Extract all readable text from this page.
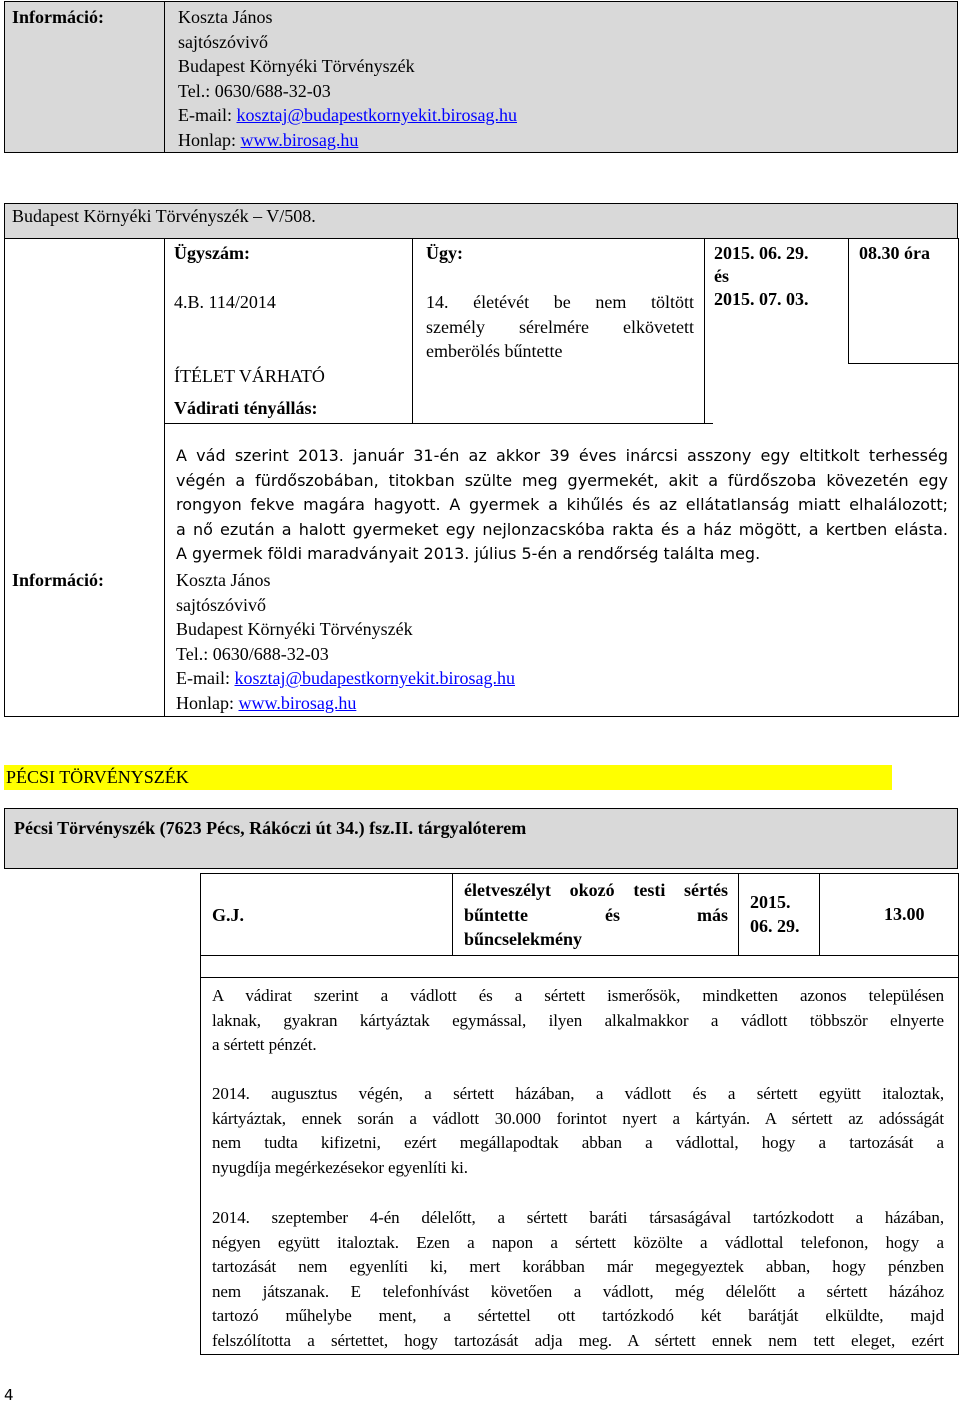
Információ:	Koszta János
sajtószóvivő
Budapest Környéki Törvényszék
Tel.: 0630/688-32-03
E-mail: kosztaj@budapestkornyekit.birosag.hu
Honlap: www.birosag.hu
Budapest Környéki Törvényszék – V/508.
Ügyszám:
4.B. 114/2014
ÍTÉLET VÁRHATÓ
Vádirati tényállás:
Ügy:
14. életévét be nem töltött
személy sérelmére elkövetett
emberölés bűntette
2015. 06. 29.
és
2015. 07. 03.
08.30 óra
A vád szerint 2013. január 31-én az akkor 39 éves inárcsi asszony egy eltitkolt terhesség
végén a fürdőszobában, titokban szülte meg gyermekét, akit a fürdőszoba kövezetén egy
rongyon fekve magára hagyott. A gyermek a kihűlés és az ellátatlanság miatt elhalálozott;
a nő ezután a halott gyermeket egy nejlonzacskóba rakta és a ház mögött, a kertben elásta.
A gyermek földi maradványait 2013. július 5-én a rendőrség találta meg.
Információ:	Koszta János
sajtószóvivő
Budapest Környéki Törvényszék
Tel.: 0630/688-32-03
E-mail: kosztaj@budapestkornyekit.birosag.hu
Honlap: www.birosag.hu
PÉCSI TÖRVÉNYSZÉK
Pécsi Törvényszék (7623 Pécs, Rákóczi út 34.) fsz.II. tárgyalóterem
G.J.
életveszélyt okozó testi sértés
bűntette és más
bűncselekmény
2015.
06. 29.
13.00
A vádirat szerint a vádlott és a sértett ismerősök, mindketten azonos településen
laknak, gyakran kártyáztak egymással, ilyen alkalmakkor a vádlott többször elnyerte
a sértett pénzét.
2014. augusztus végén, a sértett házában, a vádlott és a sértett együtt italoztak,
kártyáztak, ennek során a vádlott 30.000 forintot nyert a kártyán. A sértett az adósságát
nem tudta kifizetni, ezért megállapodtak abban a vádlottal, hogy a tartozását a
nyugdíja megérkezésekor egyenlíti ki.
2014. szeptember 4-én délelőtt, a sértett baráti társaságával tartózkodott a házában,
négyen együtt italoztak. Ezen a napon a sértett közölte a vádlottal telefonon, hogy a
tartozását nem egyenlíti ki, mert korábban már megegyeztek abban, hogy pénzben
nem játszanak. E telefonhívást követően a vádlott, még délelőtt a sértett házához
tartozó műhelybe ment, a sértettel ott tartózkodó két barátját elküldte, majd
felszólította a sértettet, hogy tartozását adja meg. A sértett ennek nem tett eleget, ezért
4
